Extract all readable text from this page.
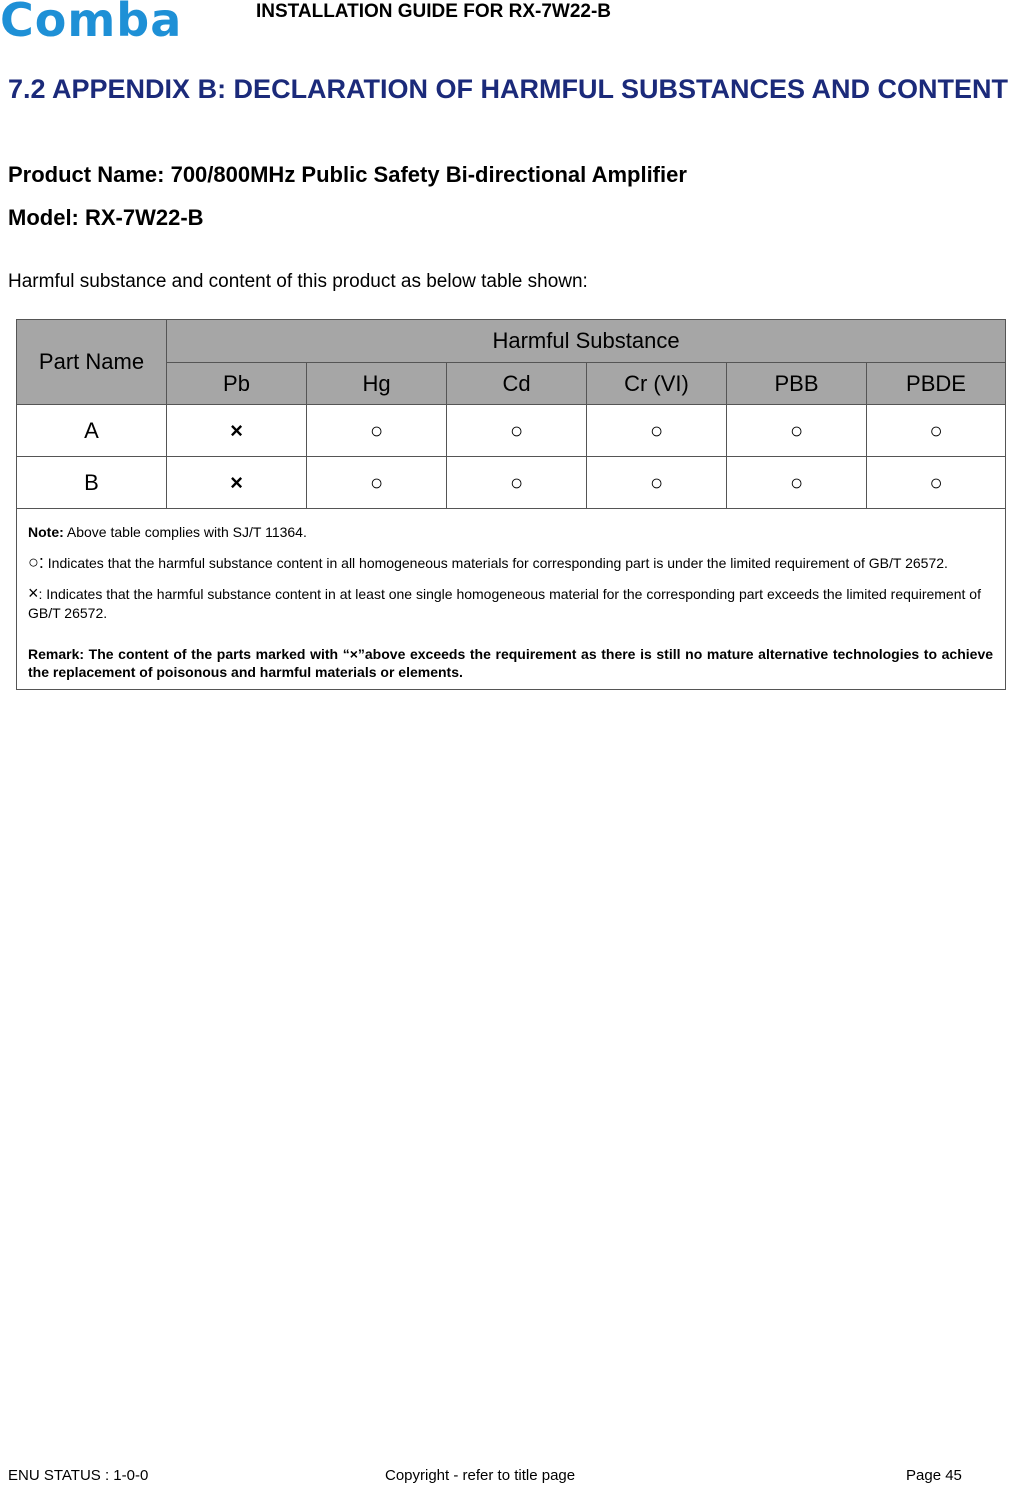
Comba	INSTALLATION GUIDE FOR RX-7W22-B
7.2 APPENDIX B: DECLARATION OF HARMFUL SUBSTANCES AND CONTENT
Product Name: 700/800MHz Public Safety Bi-directional Amplifier
Model: RX-7W22-B
Harmful substance and content of this product as below table shown:
Part Name	Harmful Substance					
	Pb	Hg	Cd	Cr (VI)	PBB	PBDE
A	×	○	○	○	○	○
B	×	○	○	○	○	○

Note: Above table complies with SJ/T 11364.
○: Indicates that the harmful substance content in all homogeneous materials for corresponding part is under the limited requirement of GB/T 26572.
×: Indicates that the harmful substance content in at least one single homogeneous material for the corresponding part exceeds the limited requirement of GB/T 26572.
Remark: The content of the parts marked with “×”above exceeds the requirement as there is still no mature alternative technologies to achieve the replacement of poisonous and harmful materials or elements.						
ENU STATUS : 1-0-0	Copyright - refer to title page	Page 45
